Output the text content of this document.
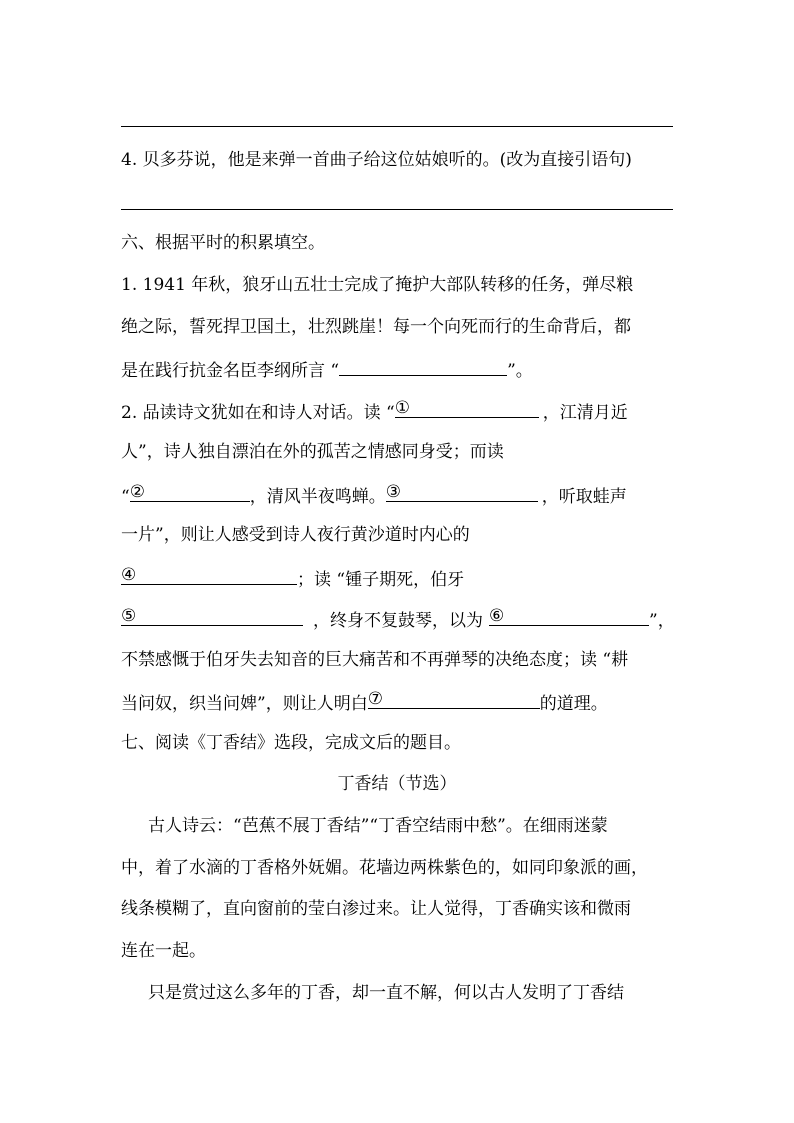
4. 贝多芬说，他是来弹一首曲子给这位姑娘听的。(改为直接引语句)
六、根据平时的积累填空。
1. 1941 年秋，狼牙山五壮士完成了掩护大部队转移的任务，弹尽粮
绝之际，誓死捍卫国土，壮烈跳崖！每一个向死而行的生命背后，都
是在践行抗金名臣李纲所言 “	”。
2. 品读诗文犹如在和诗人对话。读 “ ①	，江清月近
人”，诗人独自漂泊在外的孤苦之情感同身受；而读
“ ②	，清风半夜鸣蝉。 ③	，听取蛙声
一片”，则让人感受到诗人夜行黄沙道时内心的
④	；读 “锺子期死，伯牙
⑤	，终身不复鼓琴，以为 ⑥	”，
不禁感慨于伯牙失去知音的巨大痛苦和不再弹琴的决绝态度；读 “耕
当问奴，织当问婢”，则让人明白 ⑦	的道理。
七、阅读《丁香结》选段，完成文后的题目。
丁香结（节选）
古人诗云：“芭蕉不展丁香结”“丁香空结雨中愁”。在细雨迷蒙
中，着了水滴的丁香格外妩媚。花墙边两株紫色的，如同印象派的画，
线条模糊了，直向窗前的莹白渗过来。让人觉得，丁香确实该和微雨
连在一起。
只是赏过这么多年的丁香，却一直不解，何以古人发明了丁香结
